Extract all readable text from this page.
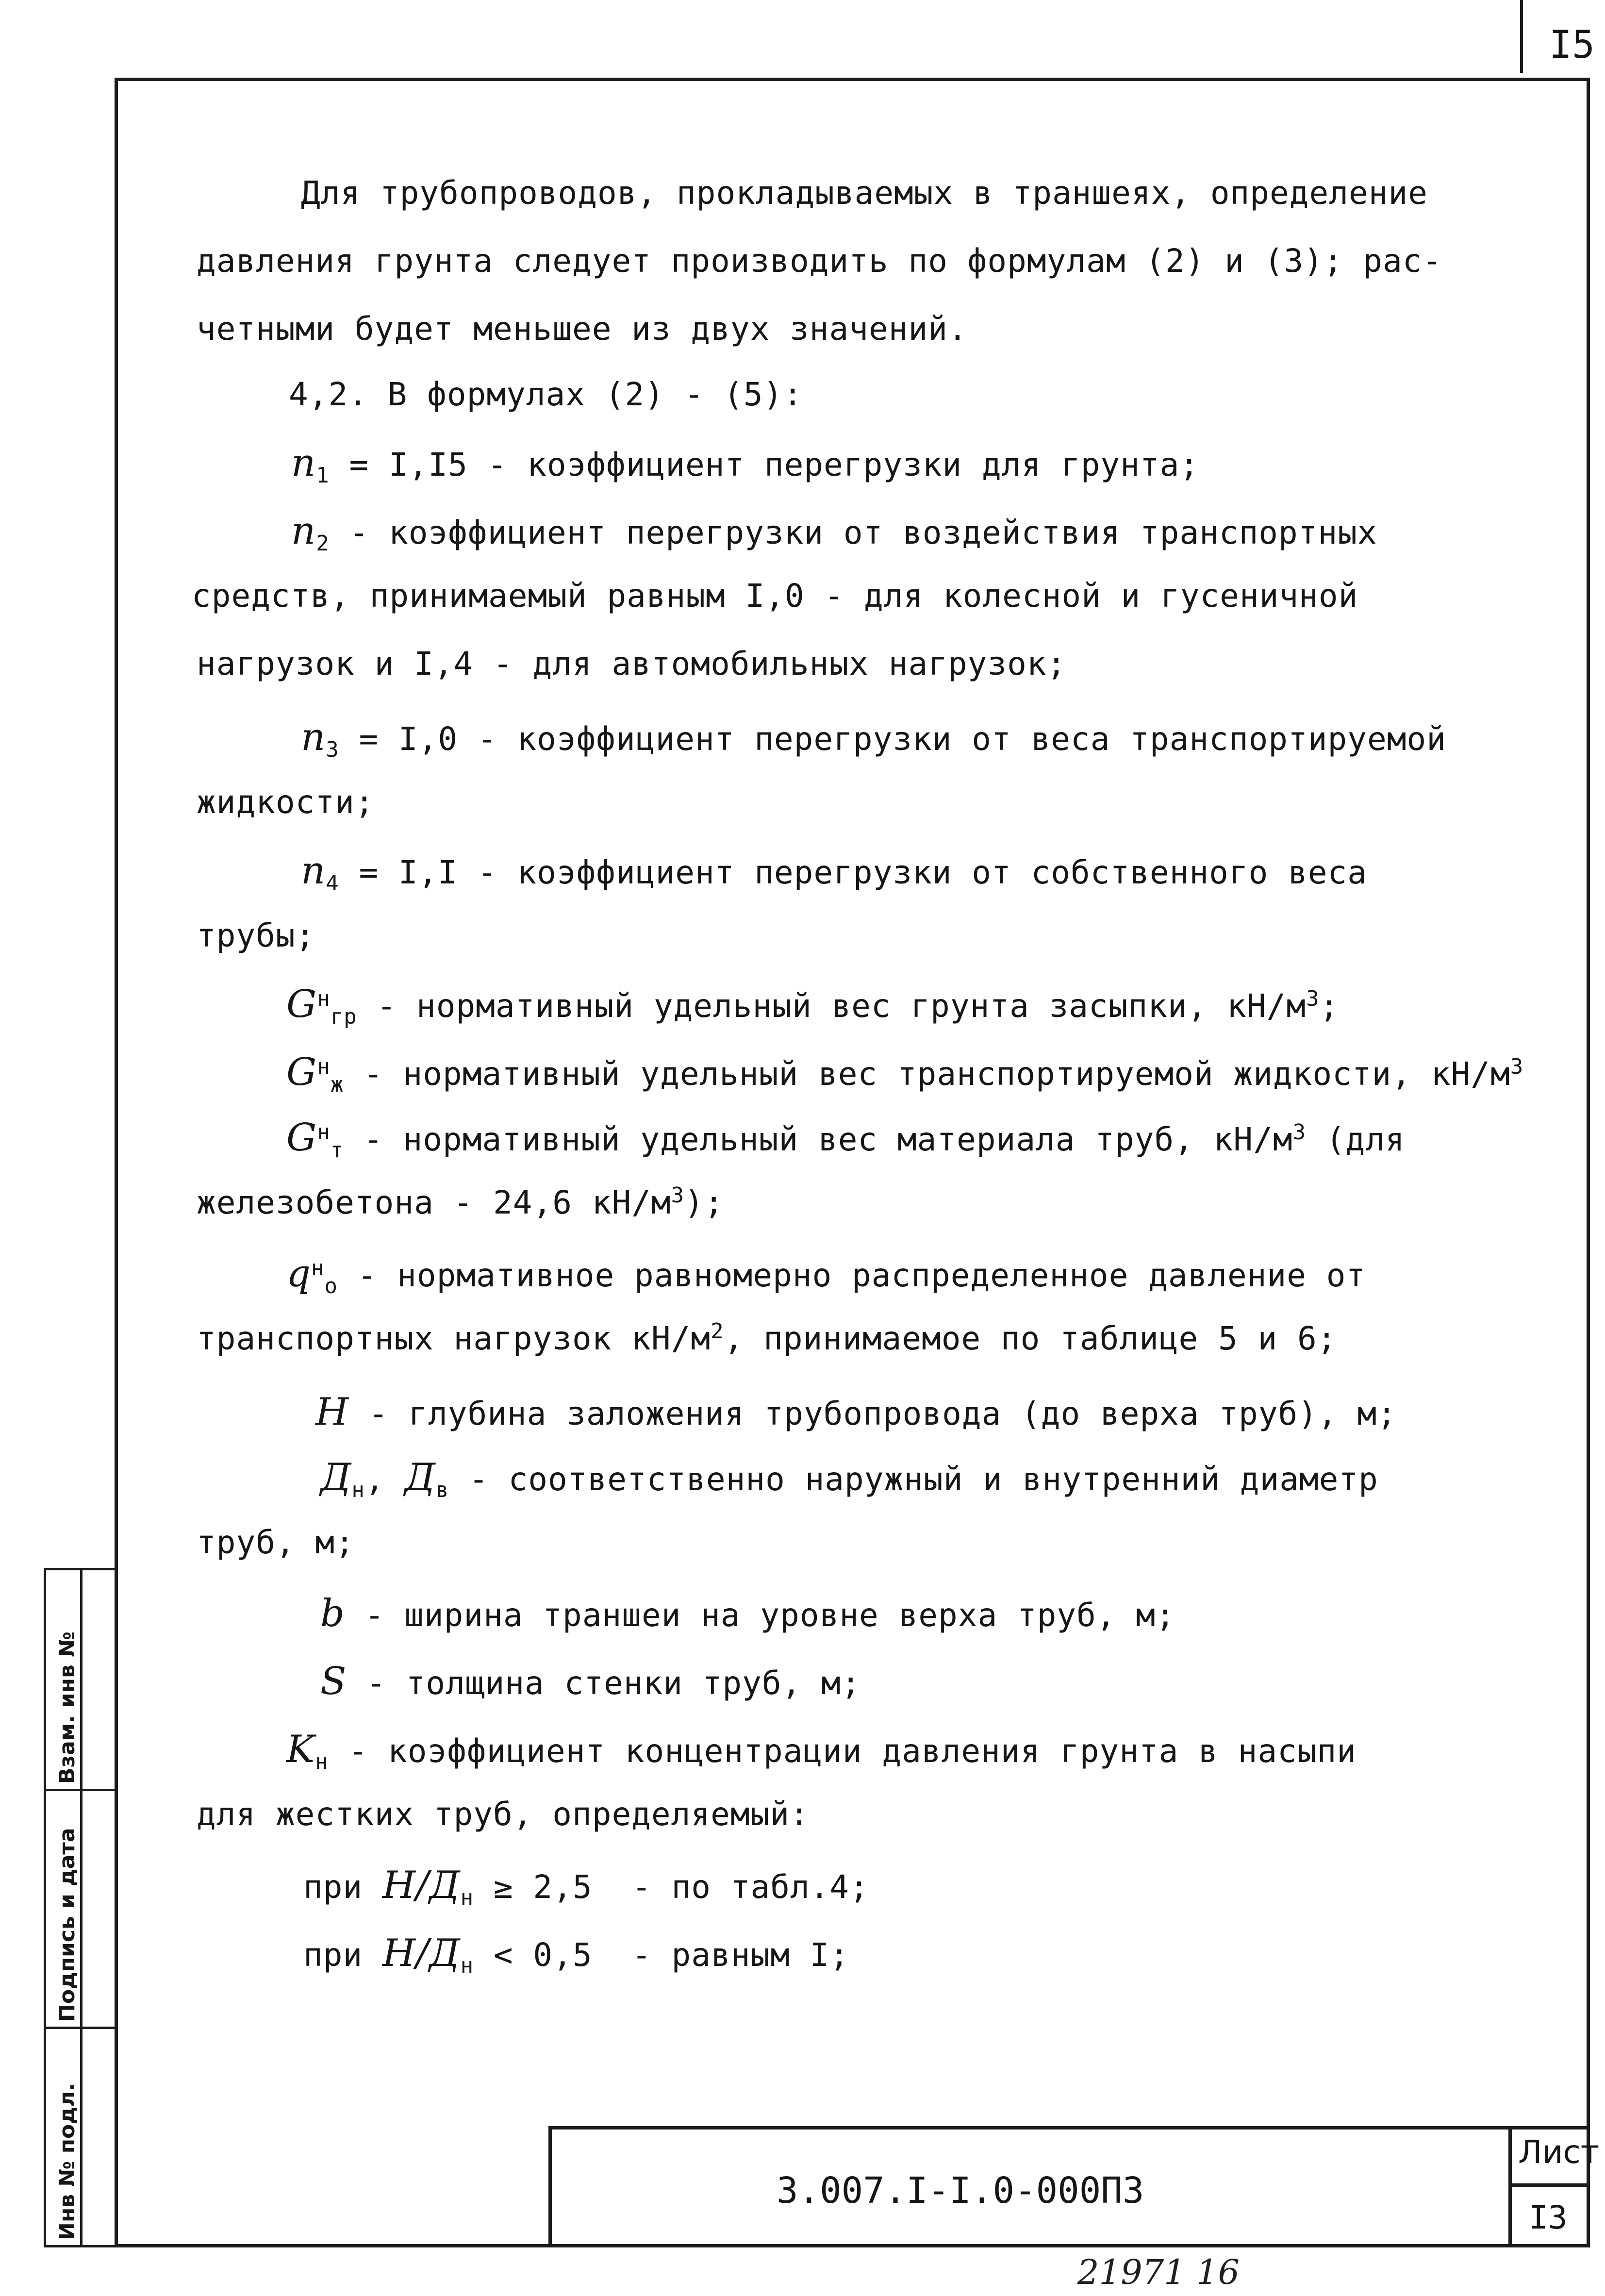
I5
Для трубопроводов, прокладываемых в траншеях, определение
давления грунта следует производить по формулам (2) и (3); рас-
четными будет меньшее из двух значений.
4,2. В формулах (2) - (5):
$n_1 = I,I5$ - коэффициент перегрузки для грунта;
$n_2$ - коэффициент перегрузки от воздействия транспортных
средств, принимаемый равным I,0 - для колесной и гусеничной
нагрузок и I,4 - для автомобильных нагрузок;
$n_3 = I,0$ - коэффициент перегрузки от веса транспортируемой
жидкости;
$n_4 = I,I$ - коэффициент перегрузки от собственного веса
трубы;
$G^н_{гр}$ - нормативный удельный вес грунта засыпки, $кН/м^3$;
$G^н_ж$ - нормативный удельный вес транспортируемой жидкости, $кН/м^3$
$G^н_т$ - нормативный удельный вес материала труб, $кН/м^3$ (для
железобетона - 24,6 $кН/м^3$);
$q^н_о$ - нормативное равномерно распределенное давление от
транспортных нагрузок $кН/м^2$, принимаемое по таблице 5 и 6;
H - глубина заложения трубопровода (до верха труб), м;
$Д_н$, $Д_в$ - соответственно наружный и внутренний диаметр
труб, м;
b - ширина траншеи на уровне верха труб, м;
S - толщина стенки труб, м;
$K_н$ - коэффициент концентрации давления грунта в насыпи
для жестких труб, определяемый:
при $H/Д_н \ge 2,5$  - по табл.4;
при $H/Д_н < 0,5$  - равным I;
Инв № подл.
Подпись и дата
Взам. инв №
3.007.I-I.0-000ПЗ
Лист
I3
21971 16
